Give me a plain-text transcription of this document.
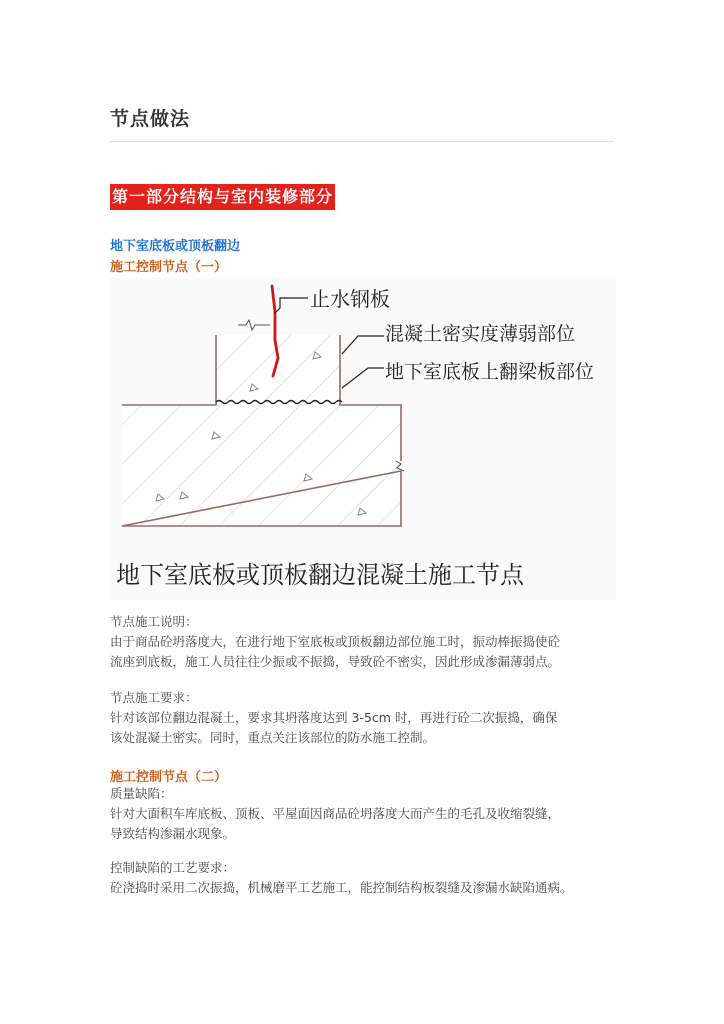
节点做法
第一部分结构与室内装修部分
地下室底板或顶板翻边
施工控制节点（一）
止水钢板
混凝土密实度薄弱部位
地下室底板上翻梁板部位
地下室底板或顶板翻边混凝土施工节点

节点施工说明：

由于商品砼坍落度大，在进行地下室底板或顶板翻边部位施工时，振动棒振捣使砼

流座到底板，施工人员往往少振或不振捣，导致砼不密实，因此形成渗漏薄弱点。

节点施工要求：

针对该部位翻边混凝土，要求其坍落度达到 3-5cm 时，再进行砼二次振捣，确保

该处混凝土密实。同时，重点关注该部位的防水施工控制。

施工控制节点（二）

质量缺陷：

针对大面积车库底板、顶板、平屋面因商品砼坍落度大而产生的毛孔及收缩裂缝，

导致结构渗漏水现象。

控制缺陷的工艺要求：

砼浇捣时采用二次振捣，机械磨平工艺施工，能控制结构板裂缝及渗漏水缺陷通病。
